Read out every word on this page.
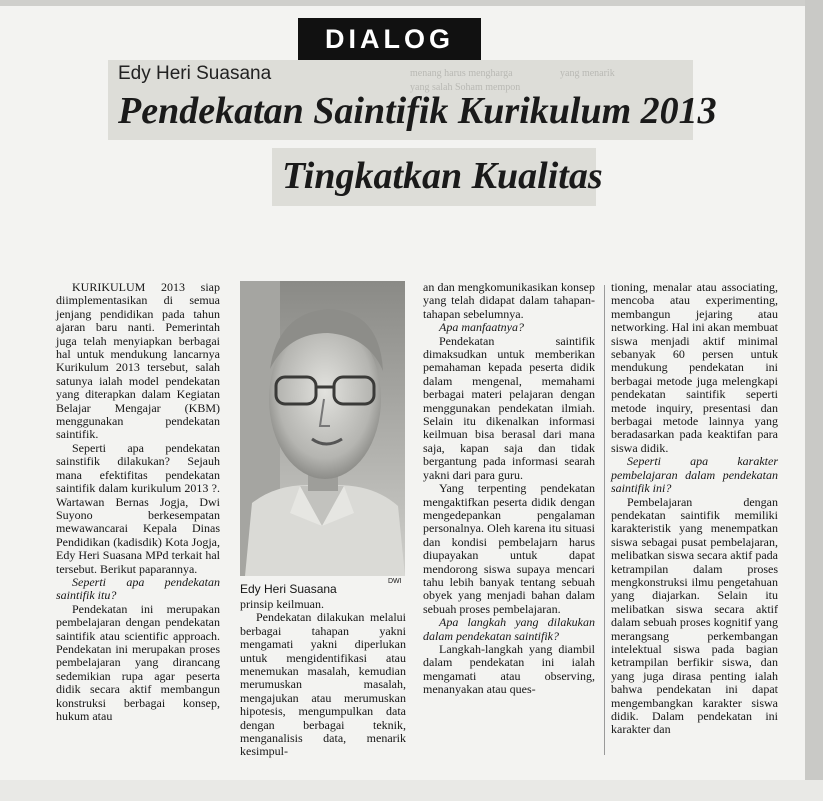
DIALOG
menang harus mengharga	yang menarik
yang salah Soham mempon
Edy Heri Suasana
Pendekatan Saintifik Kurikulum 2013
Tingkatkan Kualitas

KURIKULUM 2013 siap diimplementasikan di semua jenjang pendidikan pada tahun ajaran baru nanti. Pemerintah juga telah menyiapkan berbagai hal untuk mendukung lancarnya Kurikulum 2013 tersebut, salah satunya ialah model pendekatan yang diterapkan dalam Kegiatan Belajar Mengajar (KBM) menggunakan pendekatan saintifik.

Seperti apa pendekatan sainstifik dilakukan? Sejauh mana efektifitas pendekatan saintifik dalam kurikulum 2013 ?. Wartawan Bernas Jogja, Dwi Suyono berkesempatan mewawancarai Kepala Dinas Pendidikan (kadisdik) Kota Jogja, Edy Heri Suasana MPd terkait hal tersebut. Berikut paparannya.

Seperti apa pendekatan saintifik itu?

Pendekatan ini merupakan pembelajaran dengan pendekatan saintifik atau scientific approach. Pendekatan ini merupakan proses pembelajaran yang dirancang sedemikian rupa agar peserta didik secara aktif membangun konstruksi berbagai konsep, hukum atau

Edy Heri Suasana
DWI

prinsip keilmuan.

Pendekatan dilakukan melalui berbagai tahapan yakni mengamati yakni diperlukan untuk mengidentifikasi atau menemukan masalah, kemudian merumuskan masalah, mengajukan atau merumuskan hipotesis, mengumpulkan data dengan berbagai teknik, menganalisis data, menarik kesimpul-

an dan mengkomunikasikan konsep yang telah didapat dalam tahapan-tahapan sebelumnya.

Apa manfaatnya?

Pendekatan saintifik dimaksudkan untuk memberikan pemahaman kepada peserta didik dalam mengenal, memahami berbagai materi pelajaran dengan menggunakan pendekatan ilmiah. Selain itu dikenalkan informasi keilmuan bisa berasal dari mana saja, kapan saja dan tidak bergantung pada informasi searah yakni dari para guru.

Yang terpenting pendekatan mengaktifkan peserta didik dengan mengedepankan pengalaman personalnya. Oleh karena itu situasi dan kondisi pembelajarn harus diupayakan untuk dapat mendorong siswa supaya mencari tahu lebih banyak tentang sebuah obyek yang menjadi bahan dalam sebuah proses pembelajaran.

Apa langkah yang dilakukan dalam pendekatan saintifik?

Langkah-langkah yang diambil dalam pendekatan ini ialah mengamati atau observing, menanyakan atau ques-

tioning, menalar atau associating, mencoba atau experimenting, membangun jejaring atau networking. Hal ini akan membuat siswa menjadi aktif minimal sebanyak 60 persen untuk mendukung pendekatan ini berbagai metode juga melengkapi pendekatan saintifik seperti metode inquiry, presentasi dan berbagai metode lainnya yang beradasarkan pada keaktifan para siswa didik.

Seperti apa karakter pembelajaran dalam pendekatan saintifik ini?

Pembelajaran dengan pendekatan saintifik memiliki karakteristik yang menempatkan siswa sebagai pusat pembelajaran, melibatkan siswa secara aktif pada ketrampilan dalam proses mengkonstruksi ilmu pengetahuan yang diajarkan. Selain itu melibatkan siswa secara aktif dalam sebuah proses kognitif yang merangsang perkembangan intelektual siswa pada bagian ketrampilan berfikir siswa, dan yang juga dirasa penting ialah bahwa pendekatan ini dapat mengembangkan karakter siswa didik. Dalam pendekatan ini karakter dan
